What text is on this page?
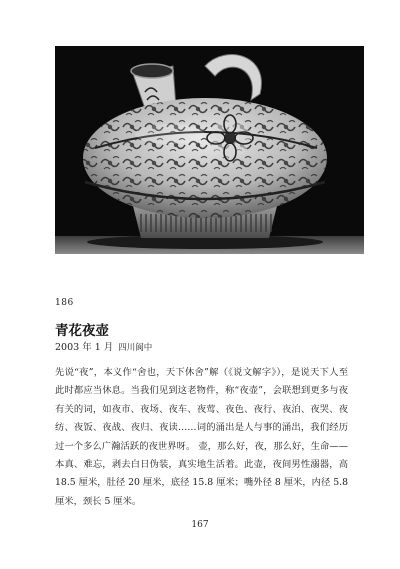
186
青花夜壶
2003 年 1 月 四川阆中

先说“夜”，本义作“舍也，天下休舍”解（《说文解字》），是说天下人至此时都应当休息。当我们见到这老物件，称“夜壶”，会联想到更多与夜有关的词，如夜市、夜场、夜车、夜莺、夜色、夜行、夜泊、夜哭、夜纺、夜饭、夜战、夜归、夜读……词的涌出是人与事的涌出，我们经历过一个多么广瀚活跃的夜世界呀。 壶，那么好，夜，那么好，生命——本真、难忘，剥去白日伪装，真实地生活着。此壶，夜间男性溺器，高 18.5 厘米，肚径 20 厘米，底径 15.8 厘米；嘴外径 8 厘米，内径 5.8 厘米，颈长 5 厘米。

167
